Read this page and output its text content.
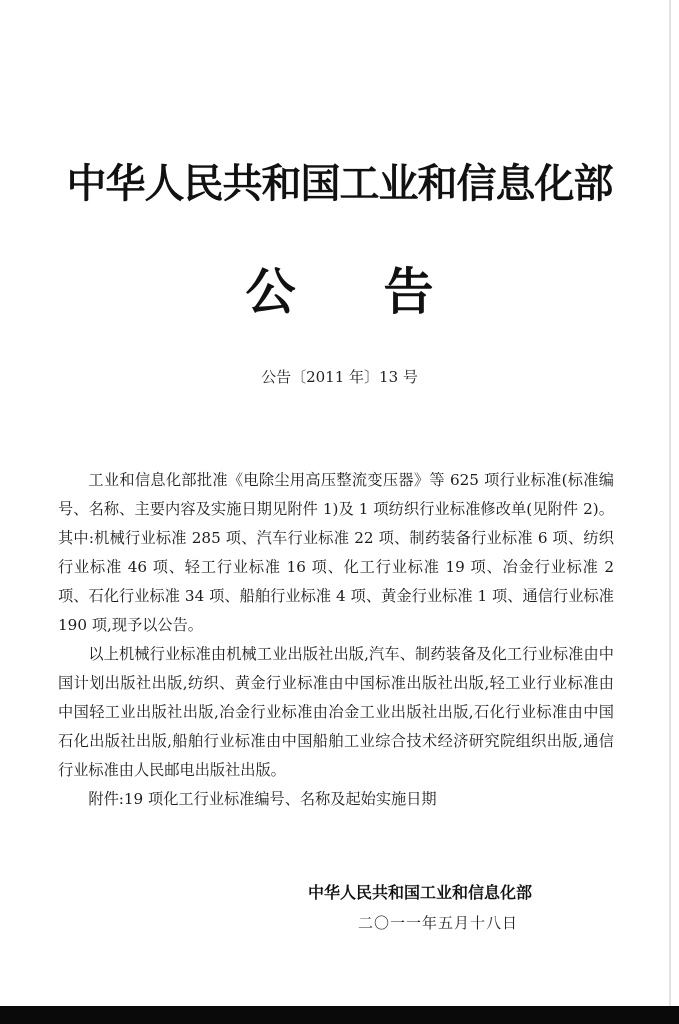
中华人民共和国工业和信息化部
公告
公告〔2011 年〕13 号

工业和信息化部批准《电除尘用高压整流变压器》等 625 项行业标准(标准编号、名称、主要内容及实施日期见附件 1)及 1 项纺织行业标准修改单(见附件 2)。其中:机械行业标准 285 项、汽车行业标准 22 项、制药装备行业标准 6 项、纺织行业标准 46 项、轻工行业标准 16 项、化工行业标准 19 项、冶金行业标准 2 项、石化行业标准 34 项、船舶行业标准 4 项、黄金行业标准 1 项、通信行业标准 190 项,现予以公告。

以上机械行业标准由机械工业出版社出版,汽车、制药装备及化工行业标准由中国计划出版社出版,纺织、黄金行业标准由中国标准出版社出版,轻工业行业标准由中国轻工业出版社出版,冶金行业标准由冶金工业出版社出版,石化行业标准由中国石化出版社出版,船舶行业标准由中国船舶工业综合技术经济研究院组织出版,通信行业标准由人民邮电出版社出版。

附件:19 项化工行业标准编号、名称及起始实施日期

中华人民共和国工业和信息化部
二〇一一年五月十八日
